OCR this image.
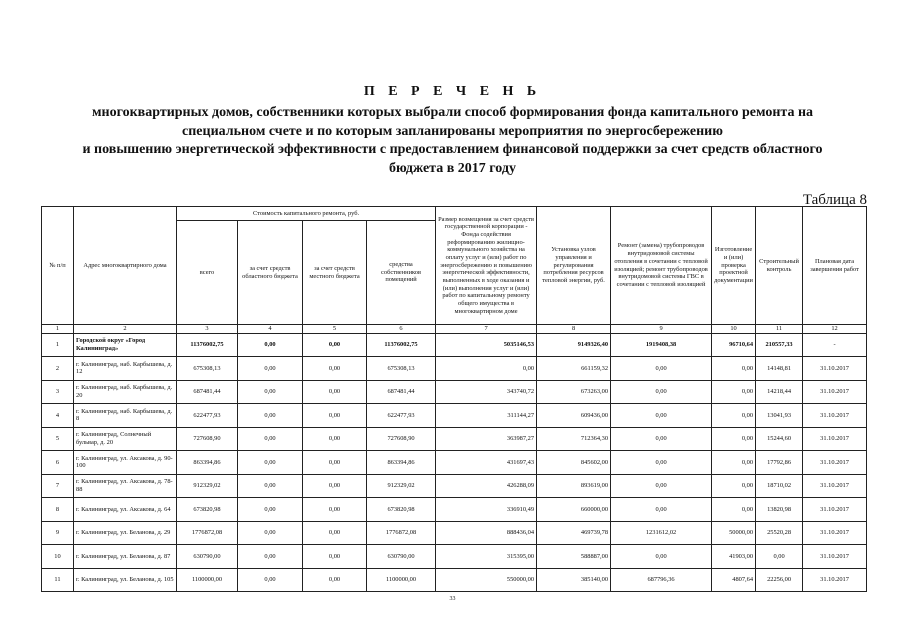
П Е Р Е Ч Е Н Ь
многоквартирных домов, собственники которых выбрали способ формирования фонда капитального ремонта на
специальном счете и по которым запланированы мероприятия по энергосбережению
и повышению энергетической эффективности с предоставлением финансовой поддержки за счет средств областного
бюджета в 2017 году
Таблица 8
№ п/п	Адрес многоквартирного дома	Стоимость капитального ремонта, руб.				Размер возмещения за счет средств государственной корпорации - Фонда содействия реформированию жилищно-коммунального хозяйства на оплату услуг и (или) работ по энергосбережению и повышению энергетической эффективности, выполненных в ходе оказания и (или) выполнения услуг и (или) работ по капитальному ремонту общего имущества в многоквартирном доме	Установка узлов управления и регулирования потребления ресурсов тепловой энергии, руб.	Ремонт (замена) трубопроводов внутридомовой системы отопления в сочетании с тепловой изоляцией; ремонт трубопроводов внутридомовой системы ГВС в сочетании с тепловой изоляцией	Изготовление и (или) проверка проектной документации	Строительный контроль	Плановая дата завершения работ
		всего	за счет средств областного бюджета	за счет средств местного бюджета	средства собственников помещений						
1	2	3	4	5	6	7	8	9	10	11	12
1	Городской округ «Город Калининград»	11376002,75	0,00	0,00	11376002,75	5035146,53	9149326,40	1919408,38	96710,64	210557,33	-
2	г. Калининград, наб. Карбышева, д. 12	675308,13	0,00	0,00	675308,13	0,00	661159,32	0,00	0,00	14148,81	31.10.2017
3	г. Калининград, наб. Карбышева, д. 20	687481,44	0,00	0,00	687481,44	343740,72	673263,00	0,00	0,00	14218,44	31.10.2017
4	г. Калининград, наб. Карбышева, д. 8	622477,93	0,00	0,00	622477,93	311144,27	609436,00	0,00	0,00	13041,93	31.10.2017
5	г. Калининград, Солнечный бульвар, д. 20	727608,90	0,00	0,00	727608,90	363987,27	712364,30	0,00	0,00	15244,60	31.10.2017
6	г. Калининград, ул. Аксакова, д. 90-100	863394,86	0,00	0,00	863394,86	431697,43	845602,00	0,00	0,00	17792,86	31.10.2017
7	г. Калининград, ул. Аксакова, д. 78-88	912329,02	0,00	0,00	912329,02	426288,09	893619,00	0,00	0,00	18710,02	31.10.2017
8	г. Калининград, ул. Аксакова, д. 64	673820,98	0,00	0,00	673820,98	336910,49	660000,00	0,00	0,00	13820,98	31.10.2017
9	г. Калининград, ул. Беланова, д. 29	1776872,08	0,00	0,00	1776872,08	888436,04	469739,78	1231612,02	50000,00	25520,28	31.10.2017
10	г. Калининград, ул. Беланова, д. 87	630790,00	0,00	0,00	630790,00	315395,00	588887,00	0,00	41903,00	0,00	31.10.2017
11	г. Калининград, ул. Беланова, д. 105	1100000,00	0,00	0,00	1100000,00	550000,00	385140,00	687796,36	4807,64	22256,00	31.10.2017
33
